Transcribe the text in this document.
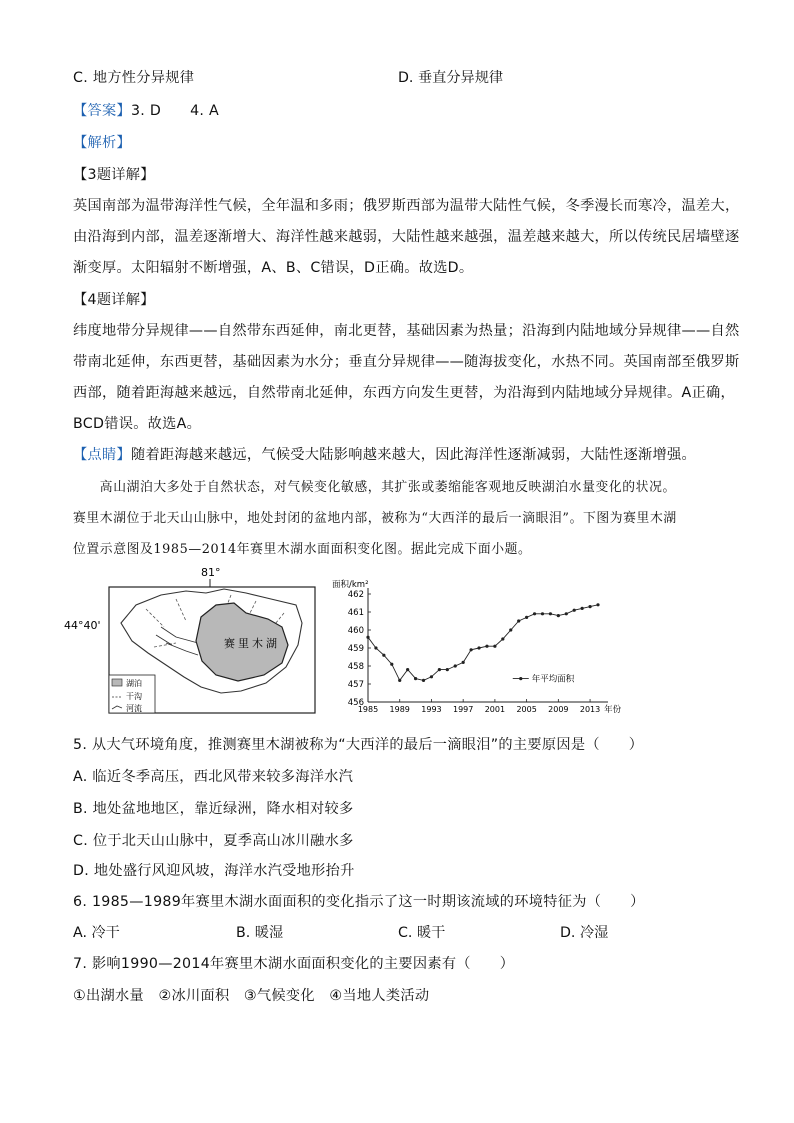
C. 地方性分异规律	D. 垂直分异规律
【答案】3. D　　4. A
【解析】
【3题详解】
英国南部为温带海洋性气候，全年温和多雨；俄罗斯西部为温带大陆性气候，冬季漫长而寒冷，温差大，
由沿海到内部，温差逐渐增大、海洋性越来越弱，大陆性越来越强，温差越来越大，所以传统民居墙壁逐
渐变厚。太阳辐射不断增强，A、B、C错误，D正确。故选D。
【4题详解】
纬度地带分异规律——自然带东西延伸，南北更替，基础因素为热量；沿海到内陆地域分异规律——自然
带南北延伸，东西更替，基础因素为水分；垂直分异规律——随海拔变化，水热不同。英国南部至俄罗斯
西部，随着距海越来越远，自然带南北延伸，东西方向发生更替，为沿海到内陆地域分异规律。A正确，
BCD错误。故选A。
【点睛】随着距海越来越远，气候受大陆影响越来越大，因此海洋性逐渐减弱，大陆性逐渐增强。
　　高山湖泊大多处于自然状态，对气候变化敏感，其扩张或萎缩能客观地反映湖泊水量变化的状况。
赛里木湖位于北天山山脉中，地处封闭的盆地内部，被称为“大西洋的最后一滴眼泪”。下图为赛里木湖
位置示意图及1985—2014年赛里木湖水面面积变化图。据此完成下面小题。
81°
44°40'
赛里木湖
湖泊
干沟
河流
面积/km²
456
457
458
459
460
461
462
1985 1989 1993 1997 2001 2005 2009 2013 年份
年平均面积
5. 从大气环境角度，推测赛里木湖被称为“大西洋的最后一滴眼泪”的主要原因是（　　）
A. 临近冬季高压，西北风带来较多海洋水汽
B. 地处盆地地区，靠近绿洲，降水相对较多
C. 位于北天山山脉中，夏季高山冰川融水多
D. 地处盛行风迎风坡，海洋水汽受地形抬升
6. 1985—1989年赛里木湖水面面积的变化指示了这一时期该流域的环境特征为（　　）
A. 冷干	B. 暖湿	C. 暖干	D. 冷湿
7. 影响1990—2014年赛里木湖水面面积变化的主要因素有（　　）
①出湖水量　②冰川面积　③气候变化　④当地人类活动
